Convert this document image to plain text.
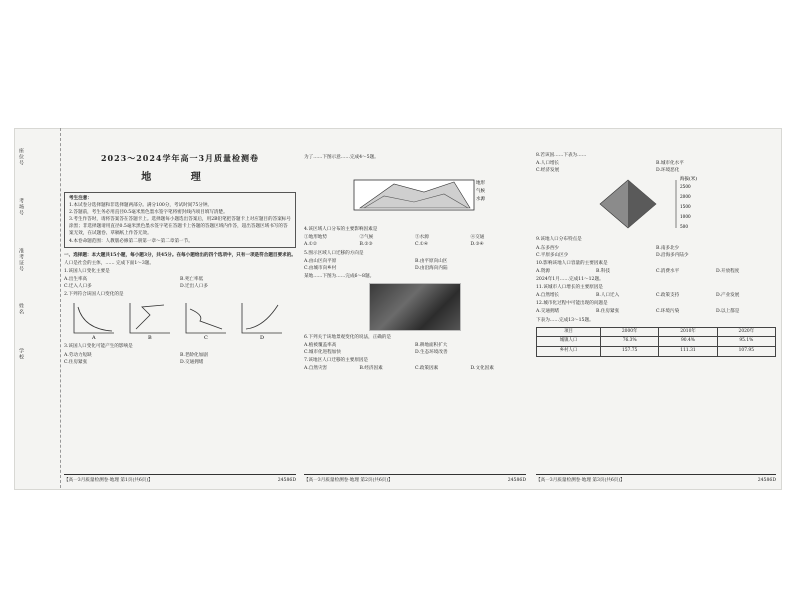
学校
姓名
准考证号
考场号
座位号	2023～2024学年高一3月质量检测卷
地 理
考生注意：
1.本试卷分选择题和非选择题两部分。满分100分，考试时间75分钟。
2.答题前，考生务必用直径0.5毫米黑色墨水签字笔将密封线内项目填写清楚。
3.考生作答时，请将答案答在答题卡上。选择题每小题选出答案后，用2B铅笔把答题卡上对应题目的答案标号涂黑；非选择题请用直径0.5毫米黑色墨水签字笔在答题卡上各题的答题区域内作答，超出答题区域书写的答案无效，在试题卷、草稿纸上作答无效。
4.本卷命题范围：人教版必修第二册第一章～第二章第一节。
一、选择题：本大题共15小题，每小题3分，共45分。在每小题给出的四个选项中，只有一项是符合题目要求的。
人口是社会的主体，…… 完成下面1～3题。
1.该国人口变化主要是
A.出生率高	B.死亡率低
C.迁入人口多	D.迁出人口多
2.下列符合该国人口变化的是
A	B	C	D
3.该国人口变化可能产生的影响是
A.劳动力短缺	B.老龄化加剧
C.住房紧张	D.交通拥堵
【高一3月质量检测卷·地理 第1页(共6页)】	24586D
为了……下图示意……完成4～5题。
地形
气候
水源
4.该区域人口分布的主要影响因素是
①地形地势	②气候	③水源	④交通
A.①②	B.②③	C.①④	D.③④
5.图示区域人口迁移的方向是
A.由山区向平原	B.由平原向山区
C.由城市向乡村	D.由沿海向内陆
某地……下图为……完成6～8题。
6.下列关于该地景观变化的说法，正确的是
A.植被覆盖率高	B.耕地面积扩大
C.城市化进程加快	D.生态环境改善
7.该地区人口迁移的主要原因是
A.自然灾害	B.经济因素	C.政策因素	D.文化因素
【高一3月质量检测卷·地理 第2页(共6页)】	24586D
8.若该国……下表为……
A.人口增长	B.城市化水平
C.经济发展	D.环境恶化
海拔(米)
2500
2000
1500
1000
500
9.该地人口分布特点是
A.东多西少	B.南多北少
C.平原多山区少	D.沿海多内陆少
10.影响该地人口容量的主要因素是
A.资源	B.科技	C.消费水平	D.开放程度
2024年1月……完成11～12题。
11.该城市人口增长的主要原因是
A.自然增长	B.人口迁入	C.政策支持	D.产业发展
12.城市化过程中可能出现的问题是
A.交通拥堵	B.住房紧张	C.环境污染	D.以上都是
下表为……完成13～15题。
项目	2000年	2010年	2020年
城镇人口	76.3%	90.4%	95.1%
乡村人口	157.75	111.31	107.95
【高一3月质量检测卷·地理 第3页(共6页)】	24586D
